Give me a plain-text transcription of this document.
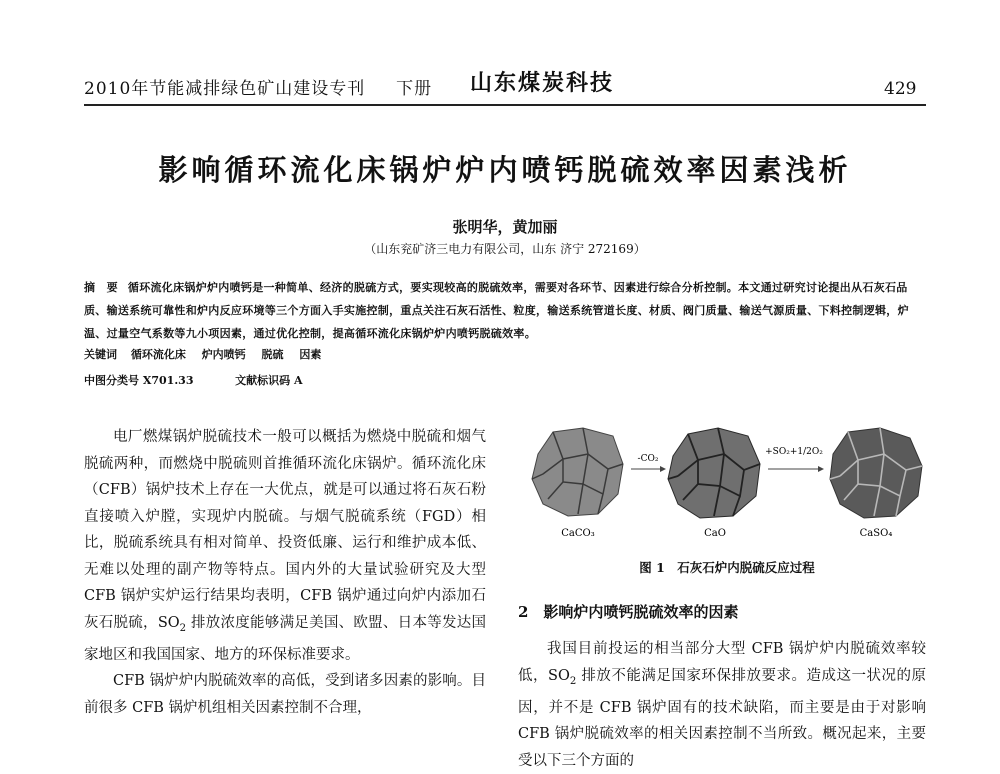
2010年节能减排绿色矿山建设专刊 下册 山东煤炭科技	429
影响循环流化床锅炉炉内喷钙脱硫效率因素浅析
张明华，黄加丽
（山东兖矿济三电力有限公司，山东 济宁 272169）
摘　要 循环流化床锅炉炉内喷钙是一种简单、经济的脱硫方式，要实现较高的脱硫效率，需要对各环节、因素进行综合分析控制。本文通过研究讨论提出从石灰石品质、输送系统可靠性和炉内反应环境等三个方面入手实施控制，重点关注石灰石活性、粒度，输送系统管道长度、材质、阀门质量、输送气源质量、下料控制逻辑，炉温、过量空气系数等九小项因素，通过优化控制，提高循环流化床锅炉炉内喷钙脱硫效率。
关键词 循环流化床 炉内喷钙 脱硫 因素
中图分类号 X701.33	文献标识码 A

电厂燃煤锅炉脱硫技术一般可以概括为燃烧中脱硫和烟气脱硫两种，而燃烧中脱硫则首推循环流化床锅炉。循环流化床（CFB）锅炉技术上存在一大优点，就是可以通过将石灰石粉直接喷入炉膛，实现炉内脱硫。与烟气脱硫系统（FGD）相比，脱硫系统具有相对简单、投资低廉、运行和维护成本低、无难以处理的副产物等特点。国内外的大量试验研究及大型 CFB 锅炉实炉运行结果均表明，CFB 锅炉通过向炉内添加石灰石脱硫，$SO_2$ 排放浓度能够满足美国、欧盟、日本等发达国家地区和我国国家、地方的环保标准要求。

CFB 锅炉炉内脱硫效率的高低，受到诸多因素的影响。目前很多 CFB 锅炉机组相关因素控制不合理，

CaCO₃
-CO₂
CaO
+SO₂+1/2O₂
CaSO₄
图 1　石灰石炉内脱硫反应过程
2　影响炉内喷钙脱硫效率的因素

我国目前投运的相当部分大型 CFB 锅炉炉内脱硫效率较低，$SO_2$ 排放不能满足国家环保排放要求。造成这一状况的原因，并不是 CFB 锅炉固有的技术缺陷，而主要是由于对影响 CFB 锅炉脱硫效率的相关因素控制不当所致。概况起来，主要受以下三个方面的
